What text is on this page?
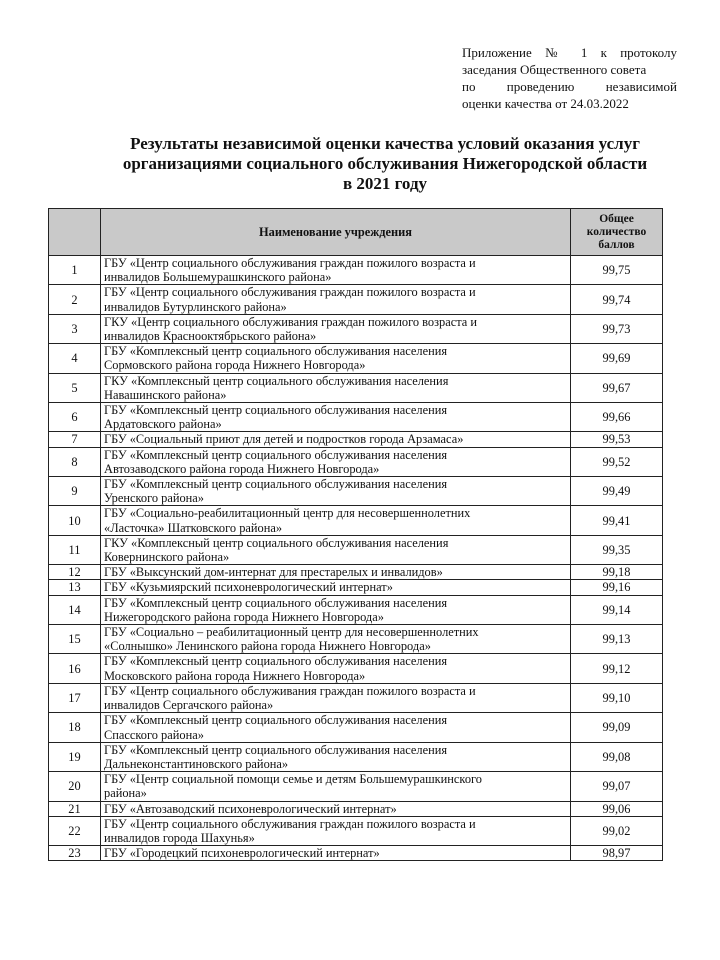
Приложение № 1 к протоколу
заседания Общественного совета
по проведению независимой
оценки качества от 24.03.2022
Результаты независимой оценки качества условий оказания услуг
организациями социального обслуживания Нижегородской области
в 2021 году
	Наименование учреждения	Общее
количество
баллов

1	ГБУ «Центр социального обслуживания граждан пожилого возраста и
инвалидов Большемурашкинского района»	99,75
2	ГБУ «Центр социального обслуживания граждан пожилого возраста и
инвалидов Бутурлинского района»	99,74
3	ГКУ «Центр социального обслуживания граждан пожилого возраста и
инвалидов Краснооктябрьского района»	99,73
4	ГБУ «Комплексный центр социального обслуживания населения
Сормовского района города Нижнего Новгорода»	99,69
5	ГКУ «Комплексный центр социального обслуживания населения
Навашинского района»	99,67
6	ГБУ «Комплексный центр социального обслуживания населения
Ардатовского района»	99,66
7	ГБУ «Социальный приют для детей и подростков города Арзамаса»	99,53
8	ГБУ «Комплексный центр социального обслуживания населения
Автозаводского района города Нижнего Новгорода»	99,52
9	ГБУ «Комплексный центр социального обслуживания населения
Уренского района»	99,49
10	ГБУ «Социально-реабилитационный центр для несовершеннолетних
«Ласточка» Шатковского района»	99,41
11	ГКУ «Комплексный центр социального обслуживания населения
Ковернинского района»	99,35
12	ГБУ «Выксунский дом-интернат для престарелых и инвалидов»	99,18
13	ГБУ «Кузьмиярский психоневрологический интернат»	99,16
14	ГБУ «Комплексный центр социального обслуживания населения
Нижегородского района города Нижнего Новгорода»	99,14
15	ГБУ «Социально – реабилитационный центр для несовершеннолетних
«Солнышко» Ленинского района города Нижнего Новгорода»	99,13
16	ГБУ «Комплексный центр социального обслуживания населения
Московского района города Нижнего Новгорода»	99,12
17	ГБУ «Центр социального обслуживания граждан пожилого возраста и
инвалидов Сергачского района»	99,10
18	ГБУ «Комплексный центр социального обслуживания населения
Спасского района»	99,09
19	ГБУ «Комплексный центр социального обслуживания населения
Дальнеконстантиновского района»	99,08
20	ГБУ «Центр социальной помощи семье и детям Большемурашкинского
района»	99,07
21	ГБУ «Автозаводский психоневрологический интернат»	99,06
22	ГБУ «Центр социального обслуживания граждан пожилого возраста и
инвалидов города Шахунья»	99,02
23	ГБУ «Городецкий психоневрологический интернат»	98,97
